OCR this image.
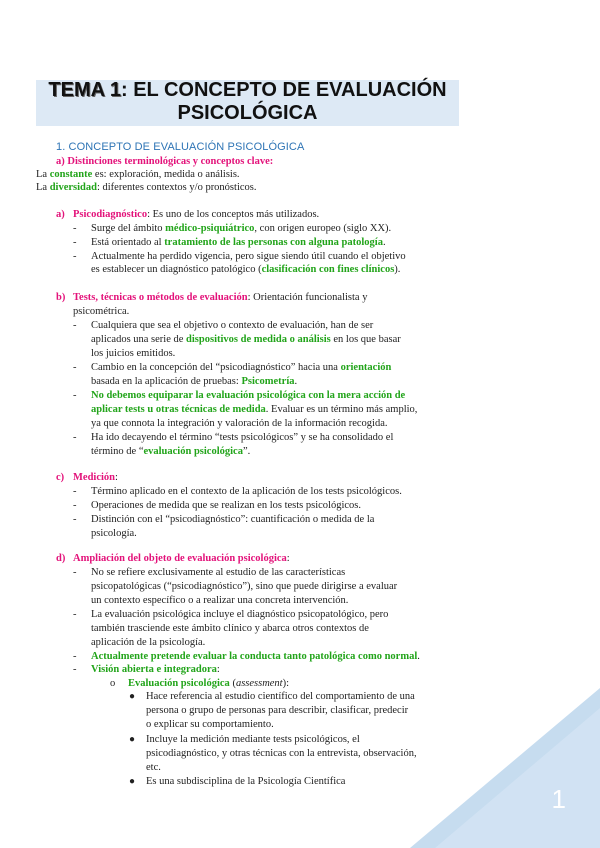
TEMA 1: EL CONCEPTO DE EVALUACIÓN
PSICOLÓGICA
1. CONCEPTO DE EVALUACIÓN PSICOLÓGICA
a) Distinciones terminológicas y conceptos clave:
La constante es: exploración, medida o análisis.
La diversidad: diferentes contextos y/o pronósticos.
a) Psicodiagnóstico: Es uno de los conceptos más utilizados.
- Surge del ámbito médico-psiquiátrico, con origen europeo (siglo XX).
- Está orientado al tratamiento de las personas con alguna patología.
- Actualmente ha perdido vigencia, pero sigue siendo útil cuando el objetivo
es establecer un diagnóstico patológico (clasificación con fines clínicos).
b) Tests, técnicas o métodos de evaluación: Orientación funcionalista y
psicométrica.
- Cualquiera que sea el objetivo o contexto de evaluación, han de ser
aplicados una serie de dispositivos de medida o análisis en los que basar
los juicios emitidos.
- Cambio en la concepción del “psicodiagnóstico” hacia una orientación
basada en la aplicación de pruebas: Psicometría.
- No debemos equiparar la evaluación psicológica con la mera acción de
aplicar tests u otras técnicas de medida. Evaluar es un término más amplio,
ya que connota la integración y valoración de la información recogida.
- Ha ido decayendo el término “tests psicológicos” y se ha consolidado el
término de “evaluación psicológica”.
c) Medición:
- Término aplicado en el contexto de la aplicación de los tests psicológicos.
- Operaciones de medida que se realizan en los tests psicológicos.
- Distinción con el “psicodiagnóstico”: cuantificación o medida de la
psicología.
d) Ampliación del objeto de evaluación psicológica:
- No se refiere exclusivamente al estudio de las características
psicopatológicas (“psicodiagnóstico”), sino que puede dirigirse a evaluar
un contexto específico o a realizar una concreta intervención.
- La evaluación psicológica incluye el diagnóstico psicopatológico, pero
también trasciende este ámbito clínico y abarca otros contextos de
aplicación de la psicología.
- Actualmente pretende evaluar la conducta tanto patológica como normal.
- Visión abierta e integradora:
o Evaluación psicológica (assessment):
● Hace referencia al estudio científico del comportamiento de una
persona o grupo de personas para describir, clasificar, predecir
o explicar su comportamiento.
● Incluye la medición mediante tests psicológicos, el
psicodiagnóstico, y otras técnicas con la entrevista, observación,
etc.
● Es una subdisciplina de la Psicología Científica
1
